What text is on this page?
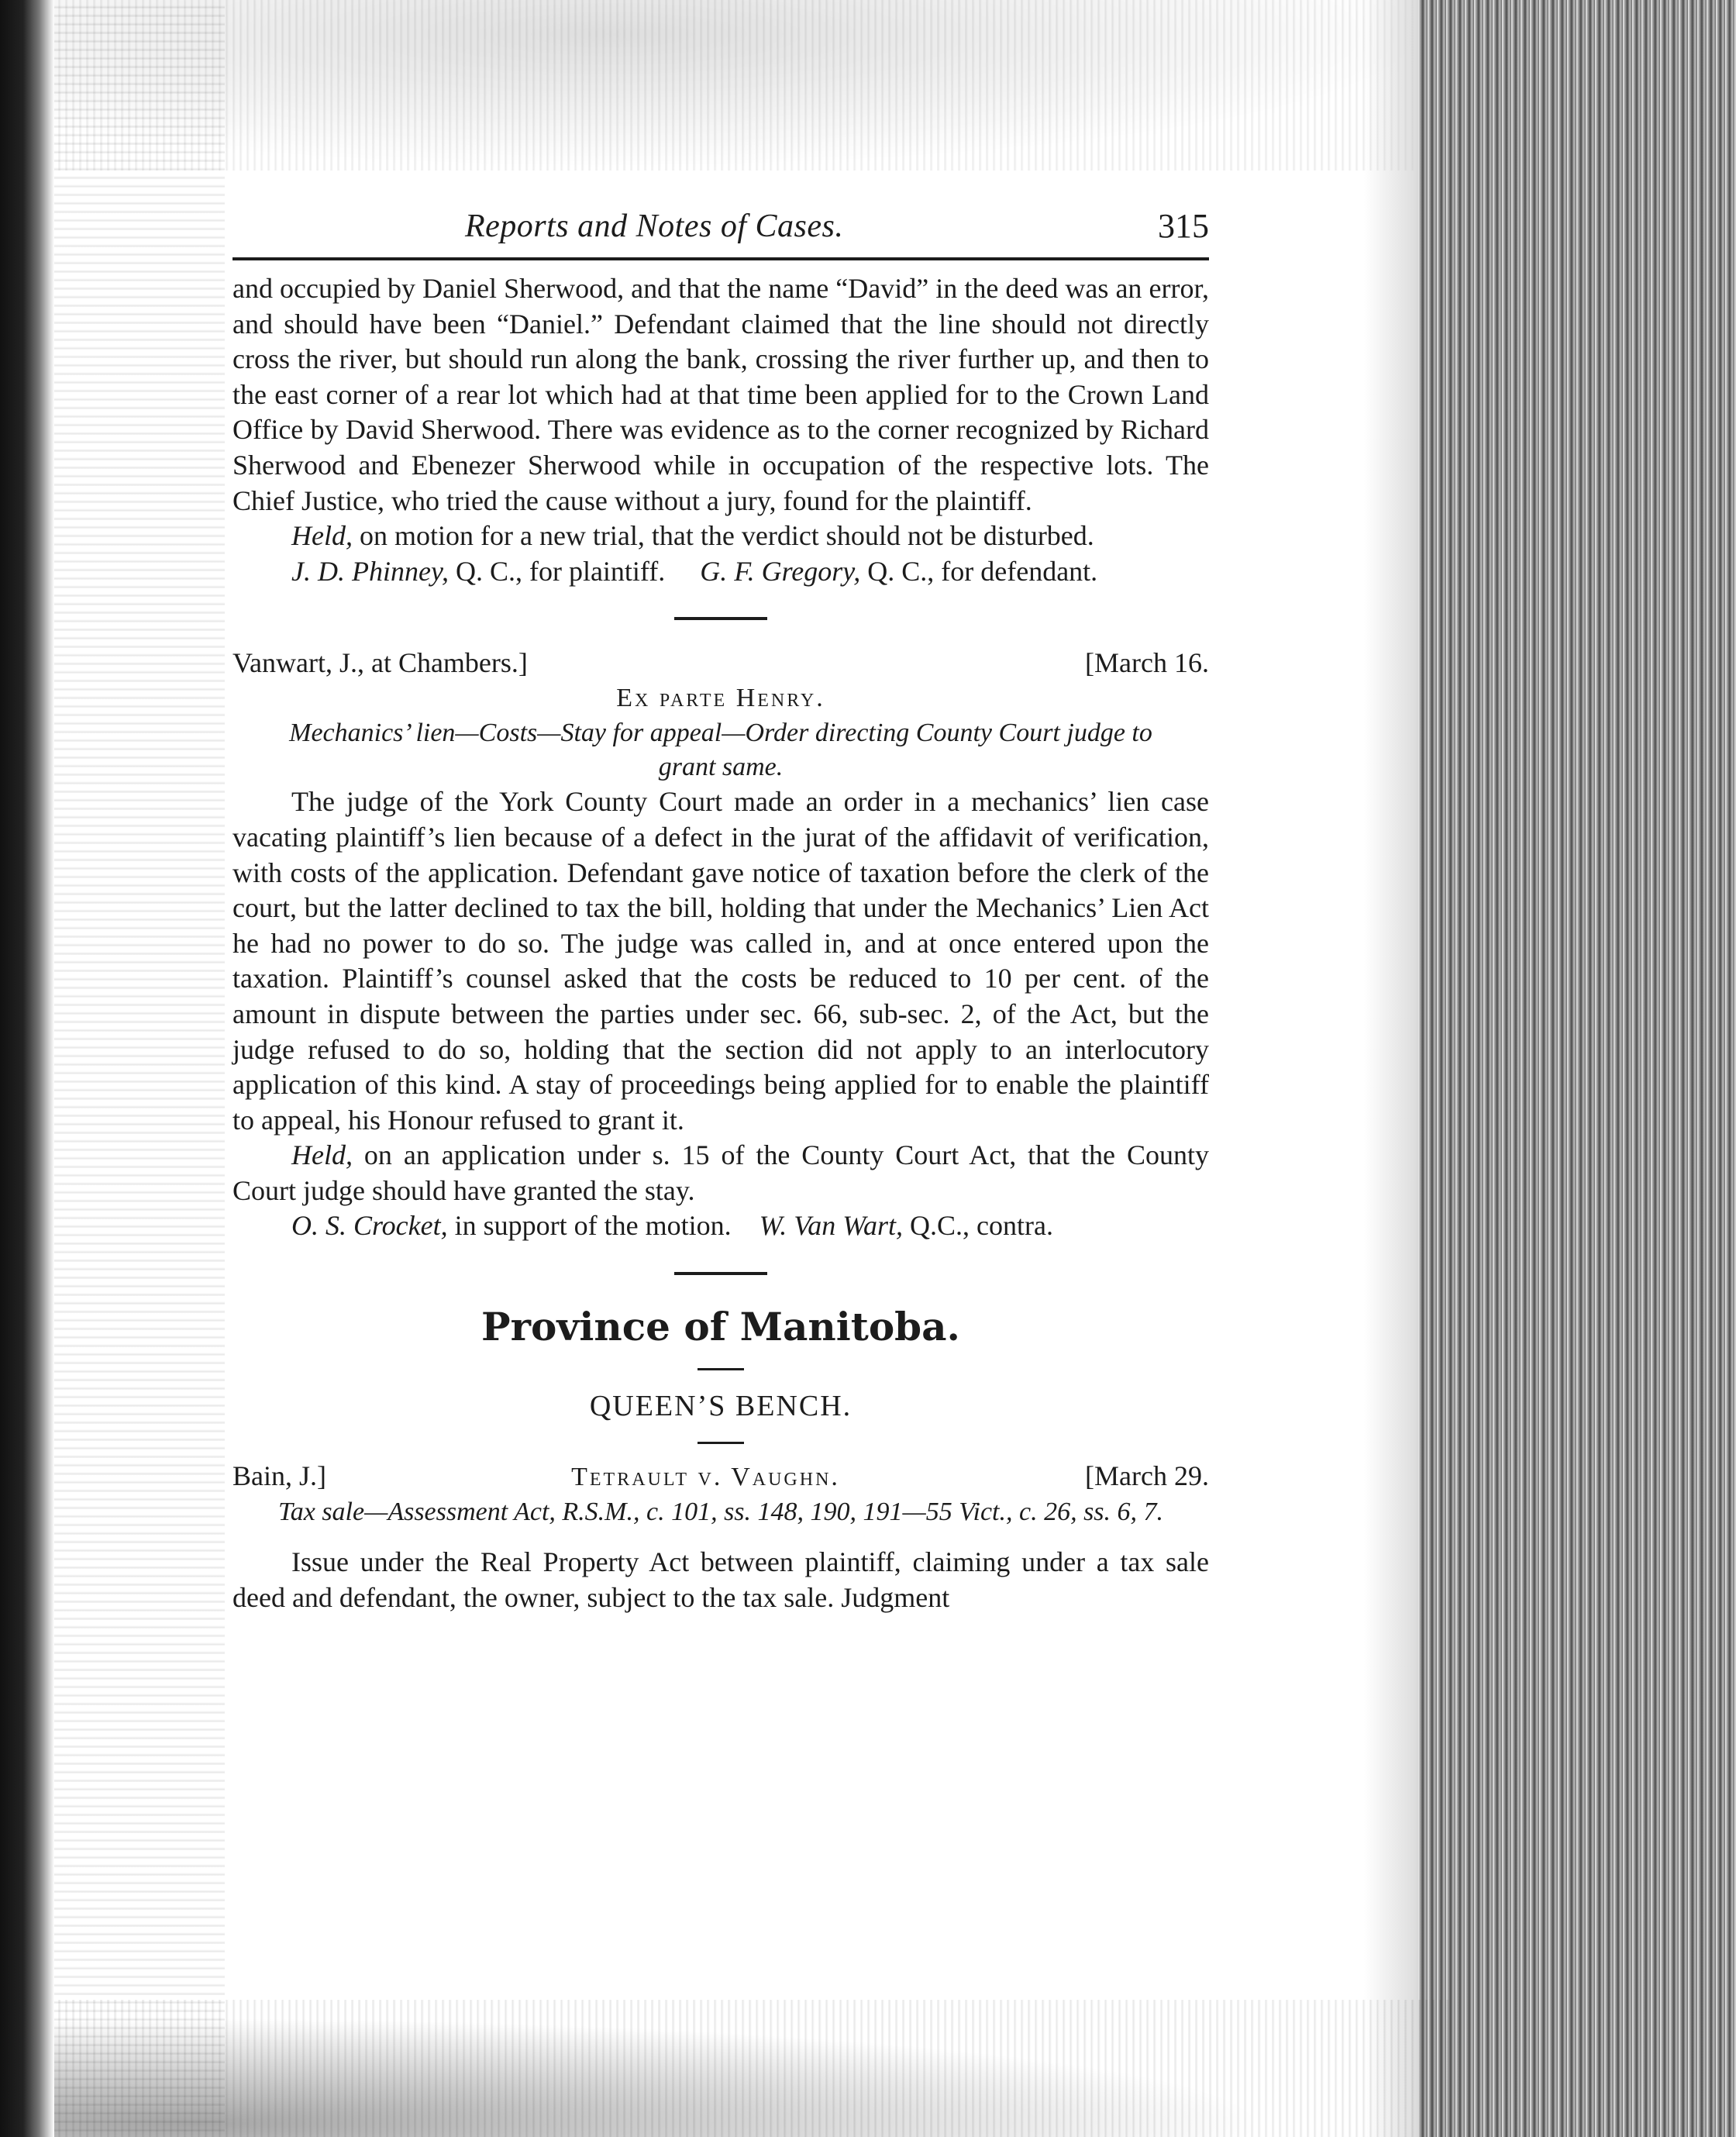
Reports and Notes of Cases.	315

and occupied by Daniel Sherwood, and that the name “David” in the deed was an error, and should have been “Daniel.” Defendant claimed that the line should not directly cross the river, but should run along the bank, crossing the river further up, and then to the east corner of a rear lot which had at that time been applied for to the Crown Land Office by David Sherwood. There was evidence as to the corner recognized by Richard Sherwood and Ebenezer Sherwood while in occupation of the respective lots. The Chief Justice, who tried the cause without a jury, found for the plaintiff.

Held, on motion for a new trial, that the verdict should not be disturbed.

J. D. Phinney, Q. C., for plaintiff. G. F. Gregory, Q. C., for defendant.

Vanwart, J., at Chambers.]	[March 16.
Ex parte Henry.
Mechanics’ lien—Costs—Stay for appeal—Order directing County Court judge to grant same.

The judge of the York County Court made an order in a mechanics’ lien case vacating plaintiff’s lien because of a defect in the jurat of the affidavit of verification, with costs of the application. Defendant gave notice of taxation before the clerk of the court, but the latter declined to tax the bill, holding that under the Mechanics’ Lien Act he had no power to do so. The judge was called in, and at once entered upon the taxation. Plaintiff’s counsel asked that the costs be reduced to 10 per cent. of the amount in dispute between the parties under sec. 66, sub-sec. 2, of the Act, but the judge refused to do so, holding that the section did not apply to an interlocutory application of this kind. A stay of proceedings being applied for to enable the plaintiff to appeal, his Honour refused to grant it.

Held, on an application under s. 15 of the County Court Act, that the County Court judge should have granted the stay.

O. S. Crocket, in support of the motion. W. Van Wart, Q.C., contra.

Province of Manitoba.
QUEEN’S BENCH.
Bain, J.]	Tetrault v. Vaughn.	[March 29.
Tax sale—Assessment Act, R.S.M., c. 101, ss. 148, 190, 191—55 Vict., c. 26, ss. 6, 7.

Issue under the Real Property Act between plaintiff, claiming under a tax sale deed and defendant, the owner, subject to the tax sale. Judgment
